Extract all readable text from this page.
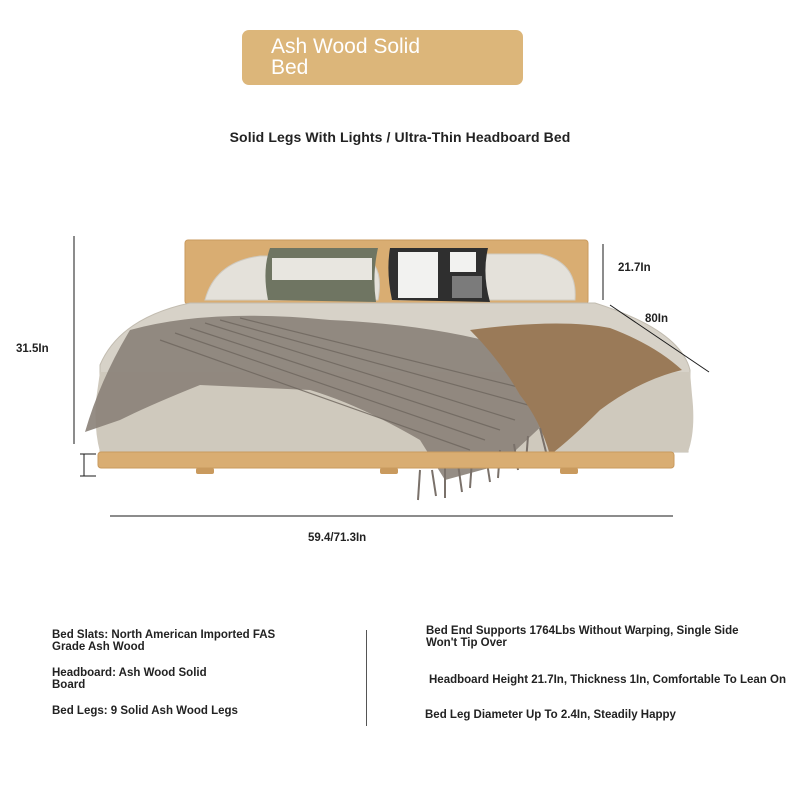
Ash Wood Solid Bed
Solid Legs With Lights / Ultra-Thin Headboard Bed
31.5In
21.7In
80In
59.4/71.3In
Bed Slats: North American Imported FAS
Grade Ash Wood
Headboard: Ash Wood Solid
Board
Bed Legs: 9 Solid Ash Wood Legs
Bed End Supports 1764Lbs Without Warping, Single Side
Won't Tip Over
Headboard Height 21.7In, Thickness 1In, Comfortable To Lean On
Bed Leg Diameter Up To 2.4In, Steadily Happy
